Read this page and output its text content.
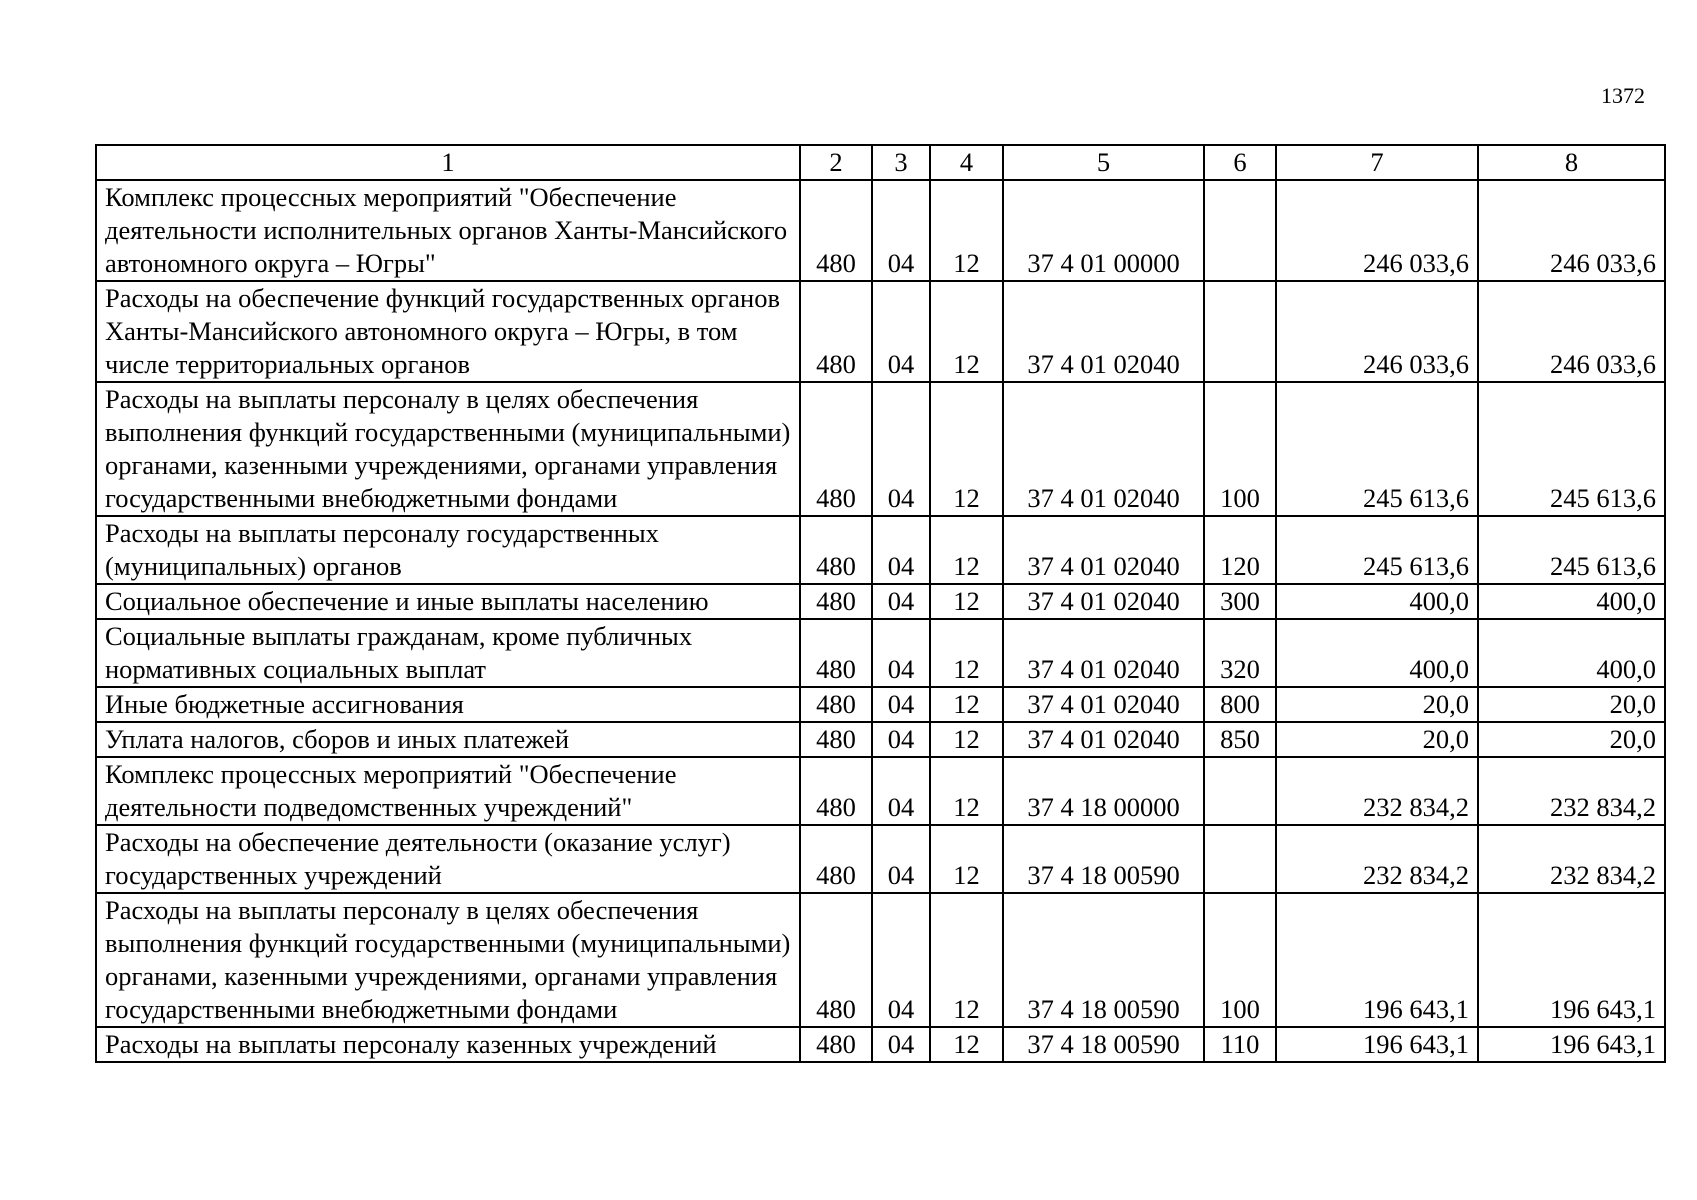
1372
1	2	3	4	5	6	7	8
Комплекс процессных мероприятий "Обеспечение деятельности исполнительных органов Ханты-Мансийского автономного округа – Югры"	480	04	12	37 4 01 00000		246 033,6	246 033,6
Расходы на обеспечение функций государственных органов Ханты-Мансийского автономного округа – Югры, в том числе территориальных органов	480	04	12	37 4 01 02040		246 033,6	246 033,6
Расходы на выплаты персоналу в целях обеспечения выполнения функций государственными (муниципальными) органами, казенными учреждениями, органами управления государственными внебюджетными фондами	480	04	12	37 4 01 02040	100	245 613,6	245 613,6
Расходы на выплаты персоналу государственных (муниципальных) органов	480	04	12	37 4 01 02040	120	245 613,6	245 613,6
Социальное обеспечение и иные выплаты населению	480	04	12	37 4 01 02040	300	400,0	400,0
Социальные выплаты гражданам, кроме публичных нормативных социальных выплат	480	04	12	37 4 01 02040	320	400,0	400,0
Иные бюджетные ассигнования	480	04	12	37 4 01 02040	800	20,0	20,0
Уплата налогов, сборов и иных платежей	480	04	12	37 4 01 02040	850	20,0	20,0
Комплекс процессных мероприятий "Обеспечение деятельности подведомственных учреждений"	480	04	12	37 4 18 00000		232 834,2	232 834,2
Расходы на обеспечение деятельности (оказание услуг) государственных учреждений	480	04	12	37 4 18 00590		232 834,2	232 834,2
Расходы на выплаты персоналу в целях обеспечения выполнения функций государственными (муниципальными) органами, казенными учреждениями, органами управления государственными внебюджетными фондами	480	04	12	37 4 18 00590	100	196 643,1	196 643,1
Расходы на выплаты персоналу казенных учреждений	480	04	12	37 4 18 00590	110	196 643,1	196 643,1
